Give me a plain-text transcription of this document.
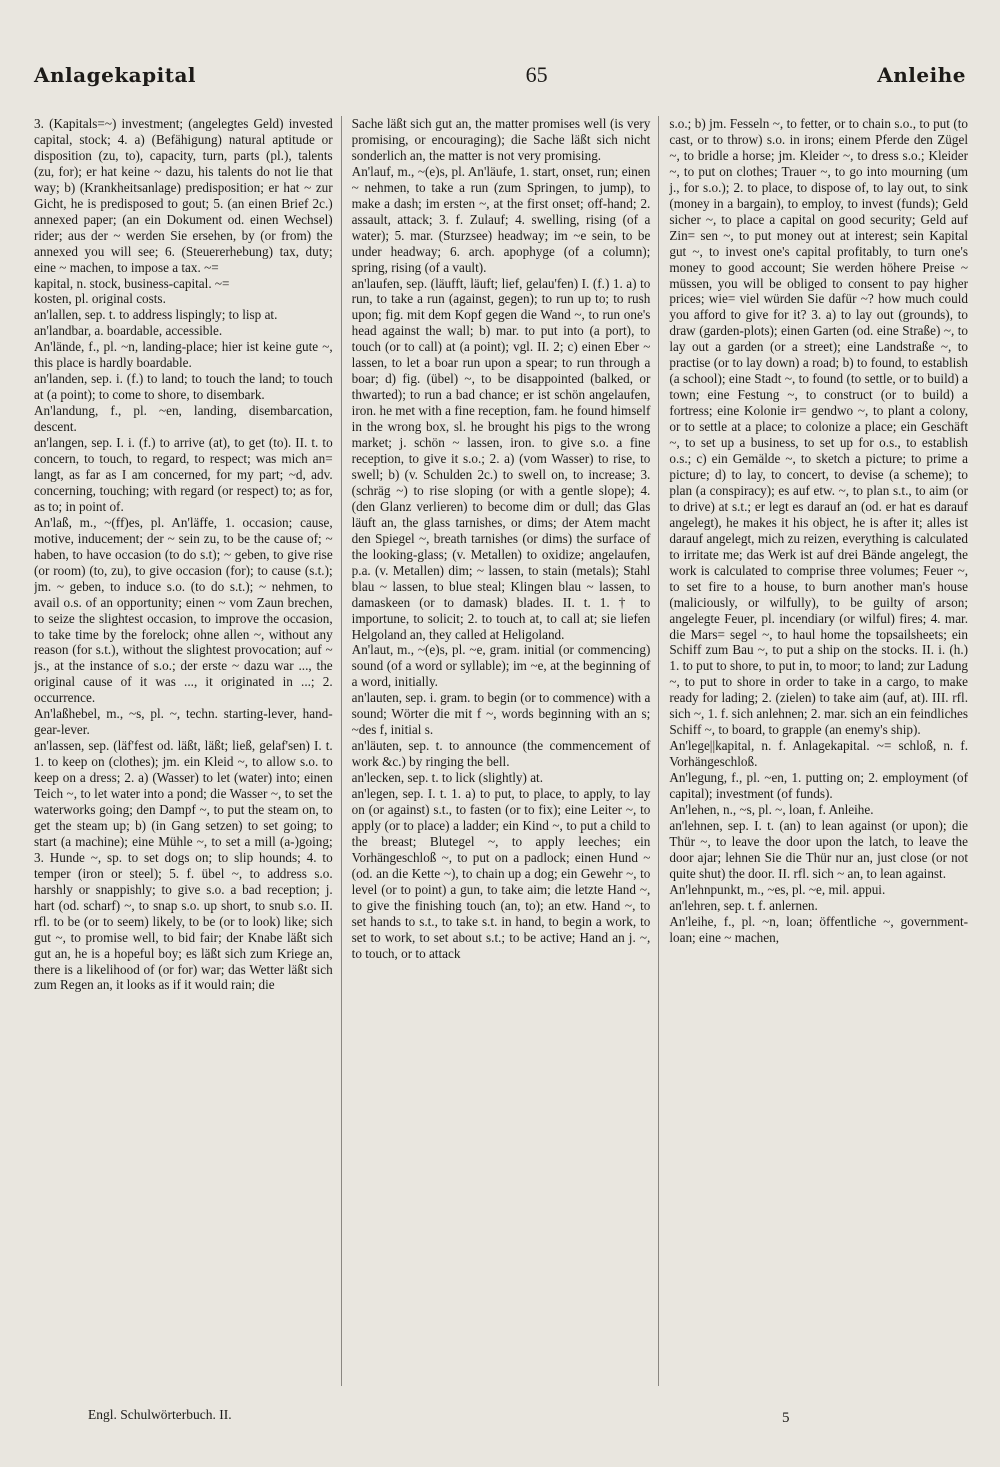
Anlagekapital	65	Anleihe

3. (Kapitals=~) investment; (angelegtes Geld) invested capital, stock; 4. a) (Befähigung) natural aptitude or disposition (zu, to), capacity, turn, parts (pl.), talents (zu, for); er hat keine ~ dazu, his talents do not lie that way; b) (Krankheitsanlage) predisposition; er hat ~ zur Gicht, he is predisposed to gout; 5. (an einen Brief 2c.) annexed paper; (an ein Dokument od. einen Wechsel) rider; aus der ~ werden Sie ersehen, by (or from) the annexed you will see; 6. (Steuererhebung) tax, duty; eine ~ machen, to impose a tax. ~=

kapital, n. stock, business-capital. ~=

kosten, pl. original costs.

an'lallen, sep. t. to address lispingly; to lisp at.

an'landbar, a. boardable, accessible.

An'lände, f., pl. ~n, landing-place; hier ist keine gute ~, this place is hardly boardable.

an'landen, sep. i. (f.) to land; to touch the land; to touch at (a point); to come to shore, to disembark.

An'landung, f., pl. ~en, landing, disembarcation, descent.

an'langen, sep. I. i. (f.) to arrive (at), to get (to). II. t. to concern, to touch, to regard, to respect; was mich an= langt, as far as I am concerned, for my part; ~d, adv. concerning, touching; with regard (or respect) to; as for, as to; in point of.

An'laß, m., ~(ff)es, pl. An'läffe, 1. occasion; cause, motive, inducement; der ~ sein zu, to be the cause of; ~ haben, to have occasion (to do s.t); ~ geben, to give rise (or room) (to, zu), to give occasion (for); to cause (s.t.); jm. ~ geben, to induce s.o. (to do s.t.); ~ nehmen, to avail o.s. of an opportunity; einen ~ vom Zaun brechen, to seize the slightest occasion, to improve the occasion, to take time by the forelock; ohne allen ~, without any reason (for s.t.), without the slightest provocation; auf ~ js., at the instance of s.o.; der erste ~ dazu war ..., the original cause of it was ..., it originated in ...; 2. occurrence.

An'laßhebel, m., ~s, pl. ~, techn. starting-lever, hand-gear-lever.

an'lassen, sep. (läf'fest od. läßt, läßt; ließ, gelaf'sen) I. t. 1. to keep on (clothes); jm. ein Kleid ~, to allow s.o. to keep on a dress; 2. a) (Wasser) to let (water) into; einen Teich ~, to let water into a pond; die Wasser ~, to set the waterworks going; den Dampf ~, to put the steam on, to get the steam up; b) (in Gang setzen) to set going; to start (a machine); eine Mühle ~, to set a mill (a-)going; 3. Hunde ~, sp. to set dogs on; to slip hounds; 4. to temper (iron or steel); 5. f. übel ~, to address s.o. harshly or snappishly; to give s.o. a bad reception; j. hart (od. scharf) ~, to snap s.o. up short, to snub s.o. II. rfl. to be (or to seem) likely, to be (or to look) like; sich gut ~, to promise well, to bid fair; der Knabe läßt sich gut an, he is a hopeful boy; es läßt sich zum Kriege an, there is a likelihood of (or for) war; das Wetter läßt sich zum Regen an, it looks as if it would rain; die

Sache läßt sich gut an, the matter promises well (is very promising, or encouraging); die Sache läßt sich nicht sonderlich an, the matter is not very promising.

An'lauf, m., ~(e)s, pl. An'läufe, 1. start, onset, run; einen ~ nehmen, to take a run (zum Springen, to jump), to make a dash; im ersten ~, at the first onset; off-hand; 2. assault, attack; 3. f. Zulauf; 4. swelling, rising (of a water); 5. mar. (Sturzsee) headway; im ~e sein, to be under headway; 6. arch. apophyge (of a column); spring, rising (of a vault).

an'laufen, sep. (läufft, läuft; lief, gelau'fen) I. (f.) 1. a) to run, to take a run (against, gegen); to run up to; to rush upon; fig. mit dem Kopf gegen die Wand ~, to run one's head against the wall; b) mar. to put into (a port), to touch (or to call) at (a point); vgl. II. 2; c) einen Eber ~ lassen, to let a boar run upon a spear; to run through a boar; d) fig. (übel) ~, to be disappointed (balked, or thwarted); to run a bad chance; er ist schön angelaufen, iron. he met with a fine reception, fam. he found himself in the wrong box, sl. he brought his pigs to the wrong market; j. schön ~ lassen, iron. to give s.o. a fine reception, to give it s.o.; 2. a) (vom Wasser) to rise, to swell; b) (v. Schulden 2c.) to swell on, to increase; 3. (schräg ~) to rise sloping (or with a gentle slope); 4. (den Glanz verlieren) to become dim or dull; das Glas läuft an, the glass tarnishes, or dims; der Atem macht den Spiegel ~, breath tarnishes (or dims) the surface of the looking-glass; (v. Metallen) to oxidize; angelaufen, p.a. (v. Metallen) dim; ~ lassen, to stain (metals); Stahl blau ~ lassen, to blue steal; Klingen blau ~ lassen, to damaskeen (or to damask) blades. II. t. 1. † to importune, to solicit; 2. to touch at, to call at; sie liefen Helgoland an, they called at Heligoland.

An'laut, m., ~(e)s, pl. ~e, gram. initial (or commencing) sound (of a word or syllable); im ~e, at the beginning of a word, initially.

an'lauten, sep. i. gram. to begin (or to commence) with a sound; Wörter die mit f ~, words beginning with an s; ~des f, initial s.

an'läuten, sep. t. to announce (the commencement of work &c.) by ringing the bell.

an'lecken, sep. t. to lick (slightly) at.

an'legen, sep. I. t. 1. a) to put, to place, to apply, to lay on (or against) s.t., to fasten (or to fix); eine Leiter ~, to apply (or to place) a ladder; ein Kind ~, to put a child to the breast; Blutegel ~, to apply leeches; ein Vorhängeschloß ~, to put on a padlock; einen Hund ~ (od. an die Kette ~), to chain up a dog; ein Gewehr ~, to level (or to point) a gun, to take aim; die letzte Hand ~, to give the finishing touch (an, to); an etw. Hand ~, to set hands to s.t., to take s.t. in hand, to begin a work, to set to work, to set about s.t.; to be active; Hand an j. ~, to touch, or to attack

s.o.; b) jm. Fesseln ~, to fetter, or to chain s.o., to put (to cast, or to throw) s.o. in irons; einem Pferde den Zügel ~, to bridle a horse; jm. Kleider ~, to dress s.o.; Kleider ~, to put on clothes; Trauer ~, to go into mourning (um j., for s.o.); 2. to place, to dispose of, to lay out, to sink (money in a bargain), to employ, to invest (funds); Geld sicher ~, to place a capital on good security; Geld auf Zin= sen ~, to put money out at interest; sein Kapital gut ~, to invest one's capital profitably, to turn one's money to good account; Sie werden höhere Preise ~ müssen, you will be obliged to consent to pay higher prices; wie= viel würden Sie dafür ~? how much could you afford to give for it? 3. a) to lay out (grounds), to draw (garden-plots); einen Garten (od. eine Straße) ~, to lay out a garden (or a street); eine Landstraße ~, to practise (or to lay down) a road; b) to found, to establish (a school); eine Stadt ~, to found (to settle, or to build) a town; eine Festung ~, to construct (or to build) a fortress; eine Kolonie ir= gendwo ~, to plant a colony, or to settle at a place; to colonize a place; ein Geschäft ~, to set up a business, to set up for o.s., to establish o.s.; c) ein Gemälde ~, to sketch a picture; to prime a picture; d) to lay, to concert, to devise (a scheme); to plan (a conspiracy); es auf etw. ~, to plan s.t., to aim (or to drive) at s.t.; er legt es darauf an (od. er hat es darauf angelegt), he makes it his object, he is after it; alles ist darauf angelegt, mich zu reizen, everything is calculated to irritate me; das Werk ist auf drei Bände angelegt, the work is calculated to comprise three volumes; Feuer ~, to set fire to a house, to burn another man's house (maliciously, or wilfully), to be guilty of arson; angelegte Feuer, pl. incendiary (or wilful) fires; 4. mar. die Mars= segel ~, to haul home the topsailsheets; ein Schiff zum Bau ~, to put a ship on the stocks. II. i. (h.) 1. to put to shore, to put in, to moor; to land; zur Ladung ~, to put to shore in order to take in a cargo, to make ready for lading; 2. (zielen) to take aim (auf, at). III. rfl. sich ~, 1. f. sich anlehnen; 2. mar. sich an ein feindliches Schiff ~, to board, to grapple (an enemy's ship).

An'lege||kapital, n. f. Anlagekapital. ~= schloß, n. f. Vorhängeschloß.

An'legung, f., pl. ~en, 1. putting on; 2. employment (of capital); investment (of funds).

An'lehen, n., ~s, pl. ~, loan, f. Anleihe.

an'lehnen, sep. I. t. (an) to lean against (or upon); die Thür ~, to leave the door upon the latch, to leave the door ajar; lehnen Sie die Thür nur an, just close (or not quite shut) the door. II. rfl. sich ~ an, to lean against.

An'lehnpunkt, m., ~es, pl. ~e, mil. appui.

an'lehren, sep. t. f. anlernen.

An'leihe, f., pl. ~n, loan; öffentliche ~, government-loan; eine ~ machen,

Engl. Schulwörterbuch. II.	5
